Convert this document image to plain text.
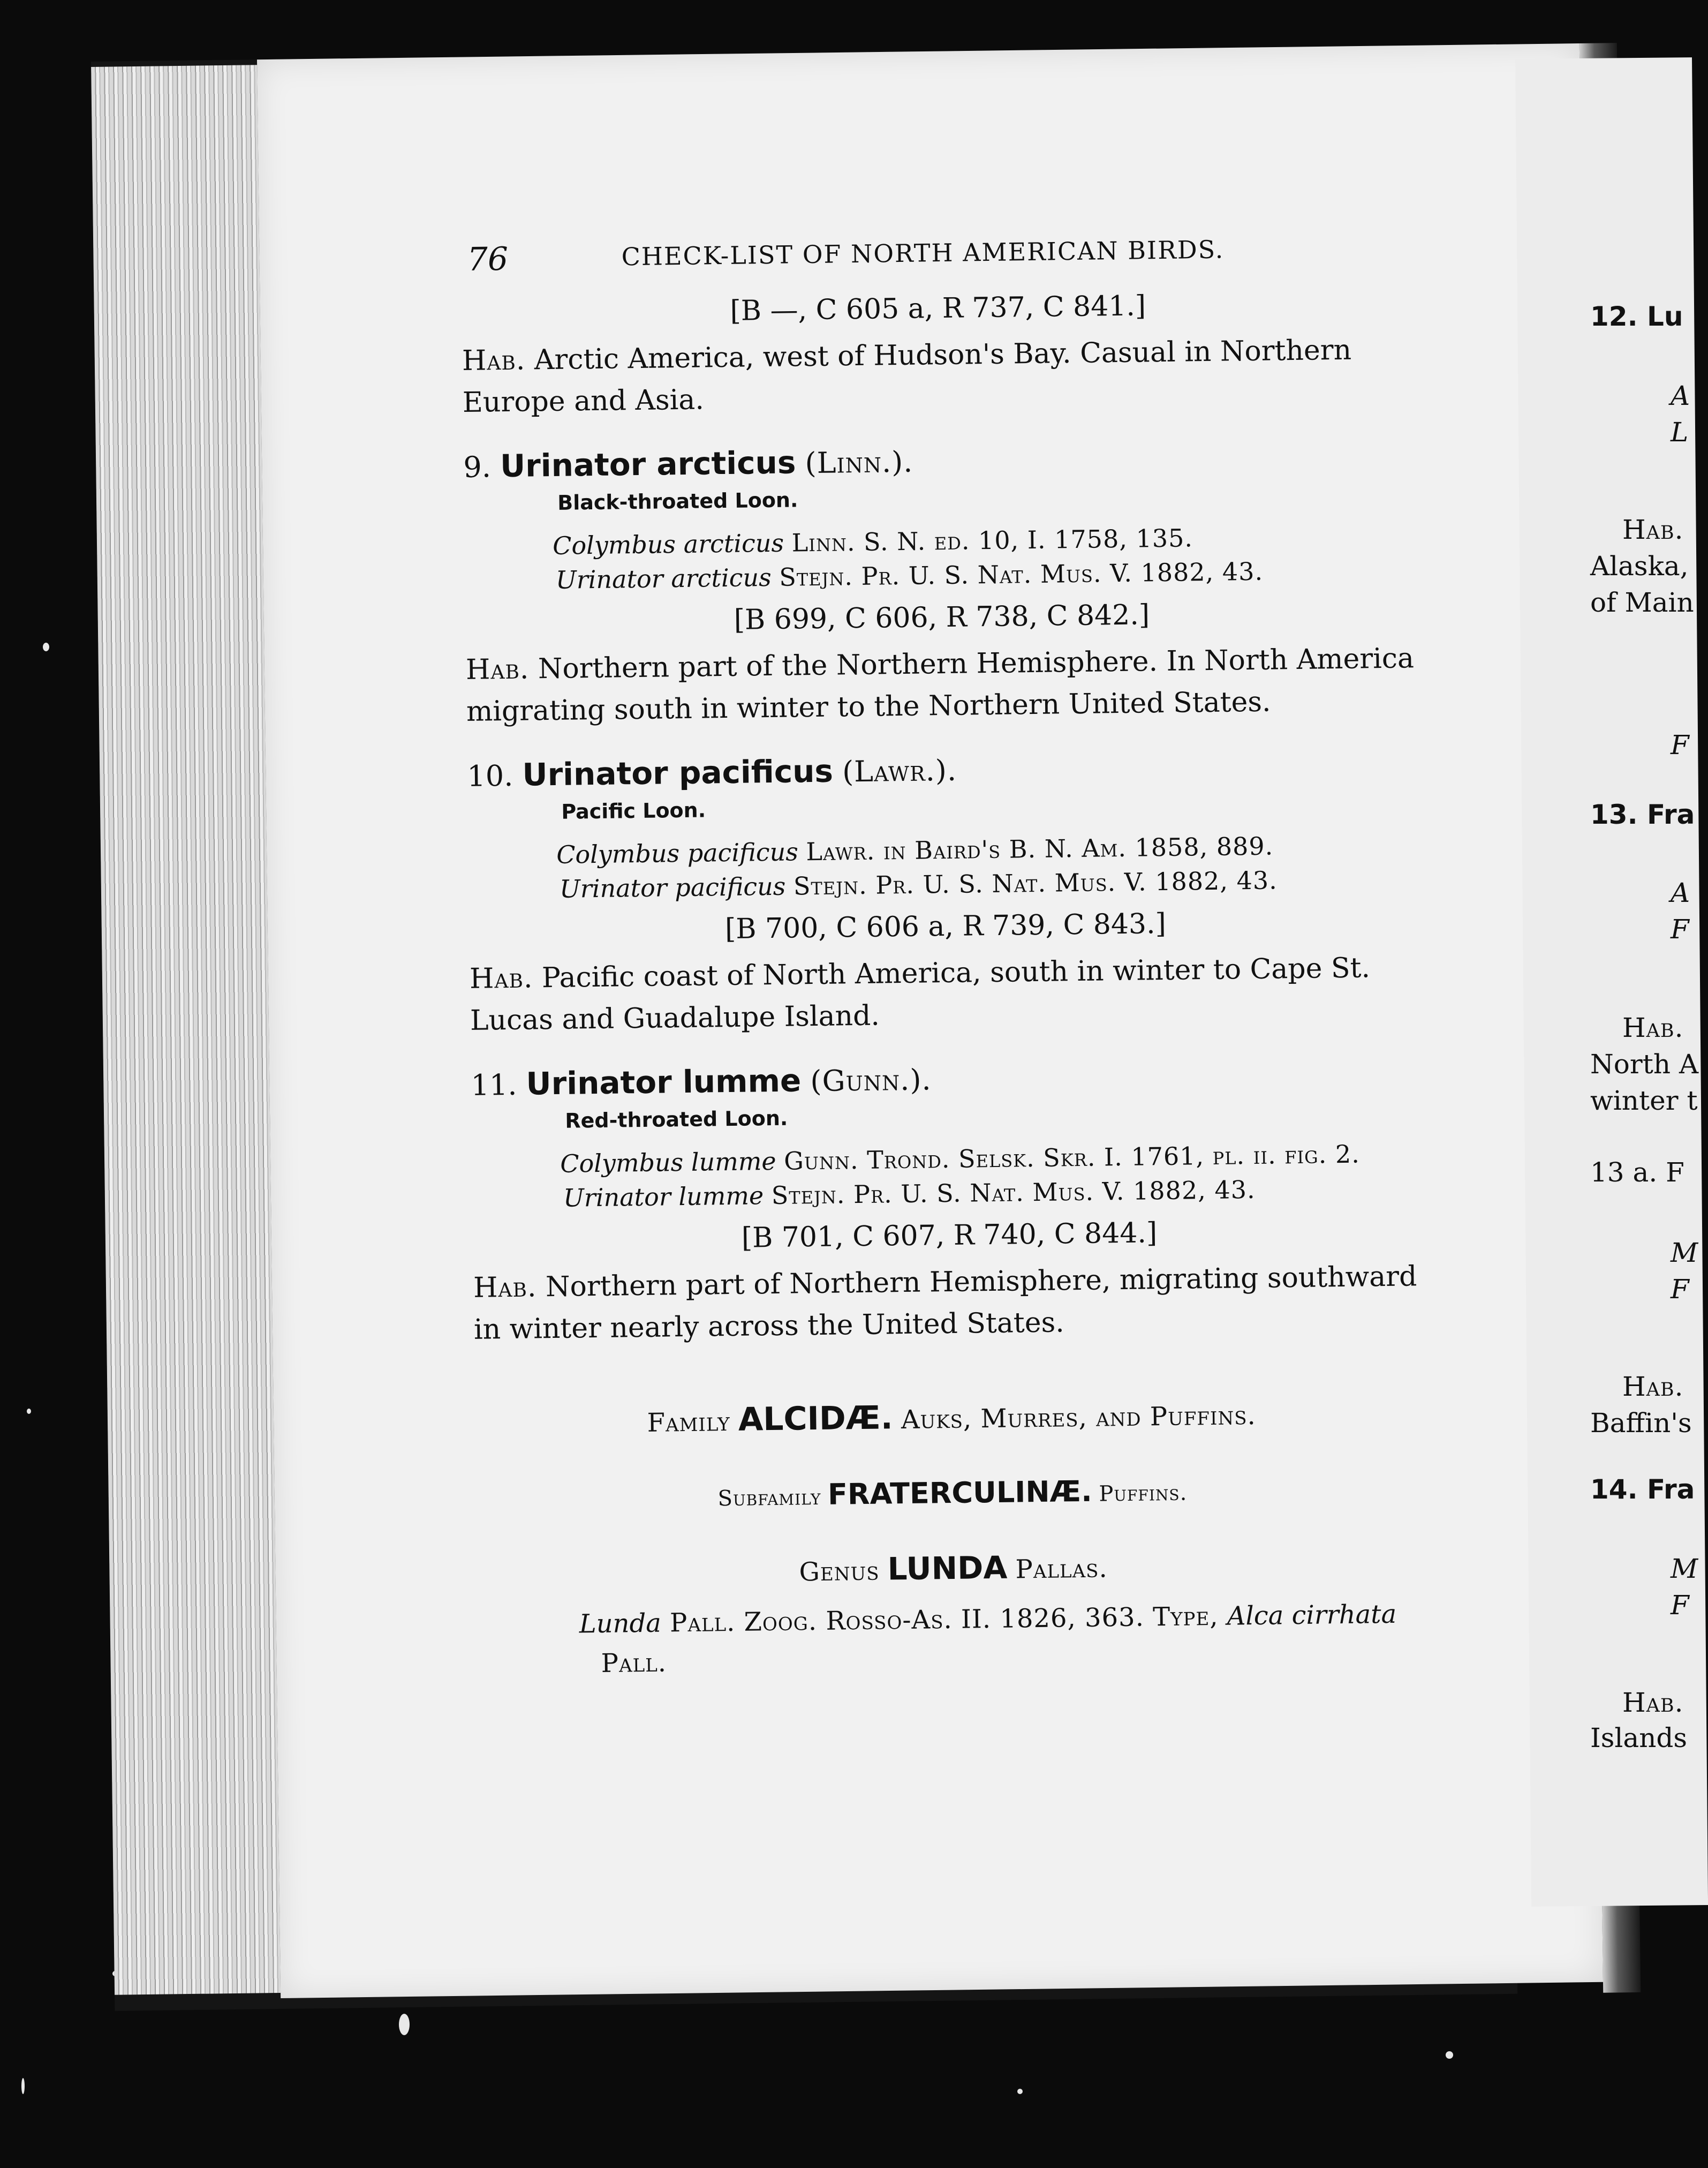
12. Lu
A
L
Hab.
Alaska,
of Main
F
13. Fra
A
F
Hab.
North A
winter t
13 a. F
M
F
Hab.
Baffin's
14. Fra
M
F
Hab.
Islands
76	CHECK-LIST OF NORTH AMERICAN BIRDS.

[B —, C 605 a, R 737, C 841.]

Hab. Arctic America, west of Hudson's Bay. Casual in Northern Europe and Asia.

9. Urinator arcticus (Linn.).
Black-throated Loon.
Colymbus arcticus Linn. S. N. ed. 10, I. 1758, 135.
Urinator arcticus Stejn. Pr. U. S. Nat. Mus. V. 1882, 43.

[B 699, C 606, R 738, C 842.]

Hab. Northern part of the Northern Hemisphere. In North America migrating south in winter to the Northern United States.

10. Urinator pacificus (Lawr.).
Pacific Loon.
Colymbus pacificus Lawr. in Baird's B. N. Am. 1858, 889.
Urinator pacificus Stejn. Pr. U. S. Nat. Mus. V. 1882, 43.

[B 700, C 606 a, R 739, C 843.]

Hab. Pacific coast of North America, south in winter to Cape St. Lucas and Guadalupe Island.

11. Urinator lumme (Gunn.).
Red-throated Loon.
Colymbus lumme Gunn. Trond. Selsk. Skr. I. 1761, pl. ii. fig. 2.
Urinator lumme Stejn. Pr. U. S. Nat. Mus. V. 1882, 43.

[B 701, C 607, R 740, C 844.]

Hab. Northern part of Northern Hemisphere, migrating southward in winter nearly across the United States.

Family ALCIDÆ. Auks, Murres, and Puffins.
Subfamily FRATERCULINÆ. Puffins.
Genus LUNDA Pallas.
Lunda Pall. Zoog. Rosso-As. II. 1826, 363. Type, Alca cirrhata
Pall.
